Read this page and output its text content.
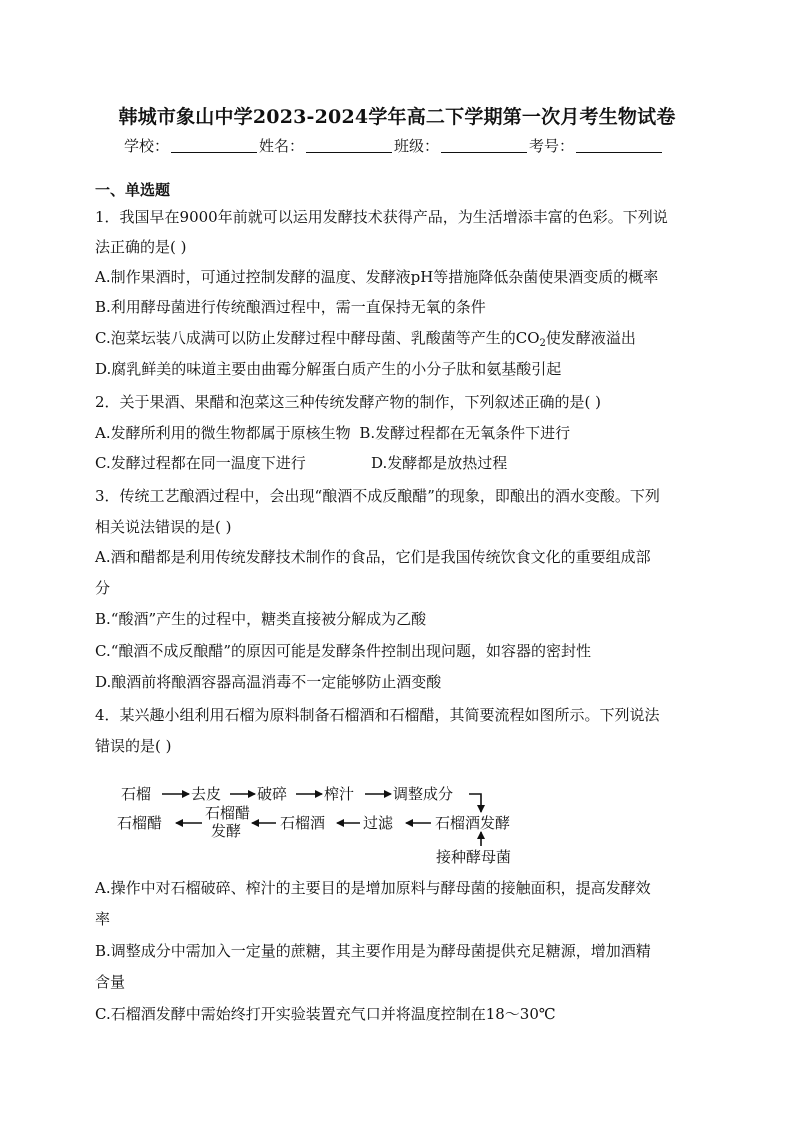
韩城市象山中学2023-2024学年高二下学期第一次月考生物试卷
学校：	姓名：	班级：	考号：
一、单选题
1．我国早在9000年前就可以运用发酵技术获得产品，为生活增添丰富的色彩。下列说
法正确的是( )
A.制作果酒时，可通过控制发酵的温度、发酵液pH等措施降低杂菌使果酒变质的概率
B.利用酵母菌进行传统酿酒过程中，需一直保持无氧的条件
C.泡菜坛装八成满可以防止发酵过程中酵母菌、乳酸菌等产生的$CO_2$使发酵液溢出
D.腐乳鲜美的味道主要由曲霉分解蛋白质产生的小分子肽和氨基酸引起
2．关于果酒、果醋和泡菜这三种传统发酵产物的制作，下列叙述正确的是( )
A.发酵所利用的微生物都属于原核生物 B.发酵过程都在无氧条件下进行
C.发酵过程都在同一温度下进行	D.发酵都是放热过程
3．传统工艺酿酒过程中，会出现“酿酒不成反酿醋”的现象，即酿出的酒水变酸。下列
相关说法错误的是( )
A.酒和醋都是利用传统发酵技术制作的食品，它们是我国传统饮食文化的重要组成部
分
B.“酸酒”产生的过程中，糖类直接被分解成为乙酸
C.“酿酒不成反酿醋”的原因可能是发酵条件控制出现问题，如容器的密封性
D.酿酒前将酿酒容器高温消毒不一定能够防止酒变酸
4．某兴趣小组利用石榴为原料制备石榴酒和石榴醋，其简要流程如图所示。下列说法
错误的是( )
石榴	去皮 破碎 榨汁	调整成分
石榴醋
石榴醋
发酵	石榴酒	过滤	石榴酒发酵
接种酵母菌
A.操作中对石榴破碎、榨汁的主要目的是增加原料与酵母菌的接触面积，提高发酵效
率
B.调整成分中需加入一定量的蔗糖，其主要作用是为酵母菌提供充足糖源，增加酒精
含量
C.石榴酒发酵中需始终打开实验装置充气口并将温度控制在18～30℃
